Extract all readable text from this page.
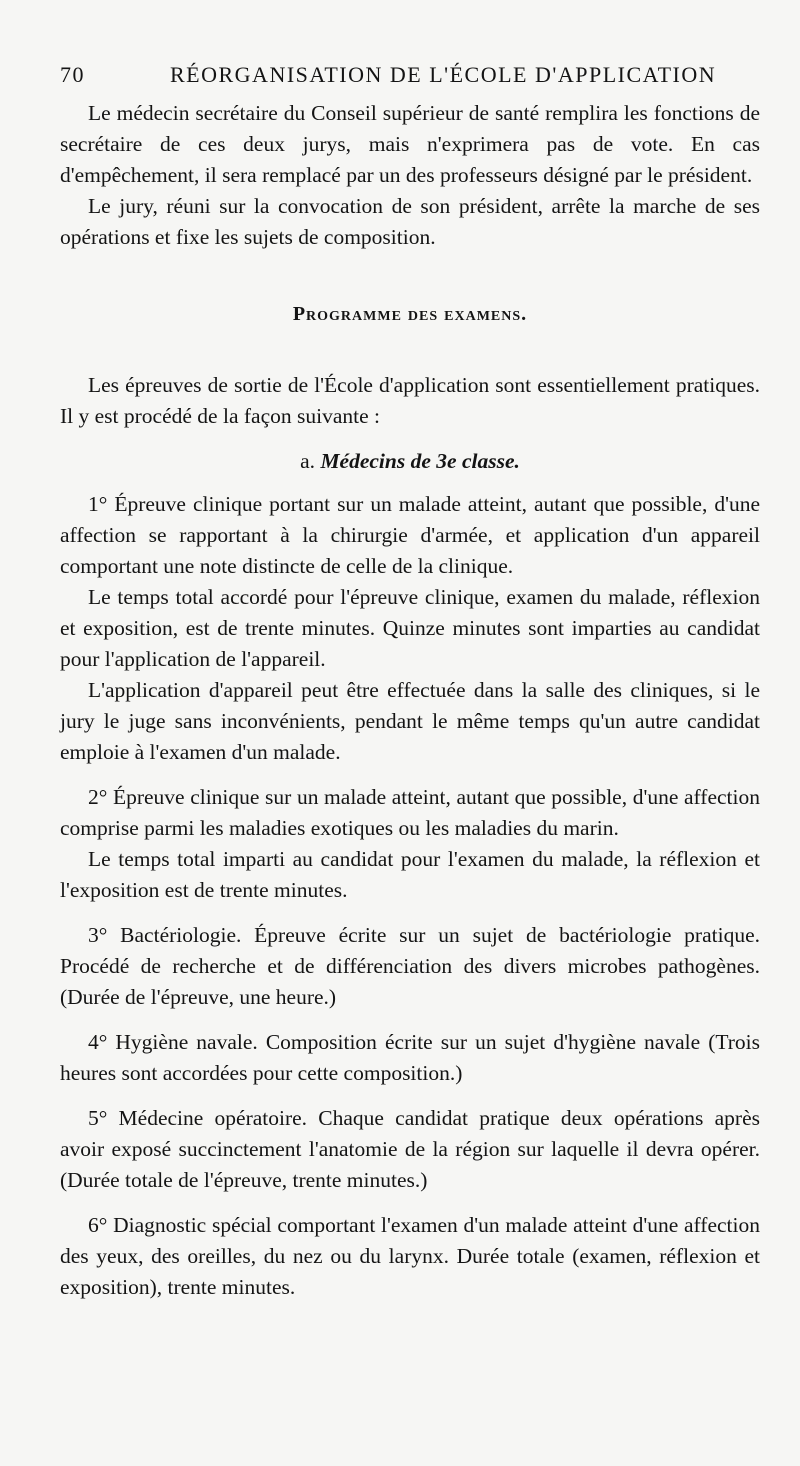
70	RÉORGANISATION DE L'ÉCOLE D'APPLICATION

Le médecin secrétaire du Conseil supérieur de santé remplira les fonctions de secrétaire de ces deux jurys, mais n'exprimera pas de vote. En cas d'empêchement, il sera remplacé par un des professeurs désigné par le président.

Le jury, réuni sur la convocation de son président, arrête la marche de ses opérations et fixe les sujets de composition.

Programme des examens.

Les épreuves de sortie de l'École d'application sont essentiellement pratiques. Il y est procédé de la façon suivante :

a. Médecins de 3e classe.

1° Épreuve clinique portant sur un malade atteint, autant que possible, d'une affection se rapportant à la chirurgie d'armée, et application d'un appareil comportant une note distincte de celle de la clinique.

Le temps total accordé pour l'épreuve clinique, examen du malade, réflexion et exposition, est de trente minutes. Quinze minutes sont imparties au candidat pour l'application de l'appareil.

L'application d'appareil peut être effectuée dans la salle des cliniques, si le jury le juge sans inconvénients, pendant le même temps qu'un autre candidat emploie à l'examen d'un malade.

2° Épreuve clinique sur un malade atteint, autant que possible, d'une affection comprise parmi les maladies exotiques ou les maladies du marin.

Le temps total imparti au candidat pour l'examen du malade, la réflexion et l'exposition est de trente minutes.

3° Bactériologie. Épreuve écrite sur un sujet de bactériologie pratique. Procédé de recherche et de différenciation des divers microbes pathogènes. (Durée de l'épreuve, une heure.)

4° Hygiène navale. Composition écrite sur un sujet d'hygiène navale (Trois heures sont accordées pour cette composition.)

5° Médecine opératoire. Chaque candidat pratique deux opérations après avoir exposé succinctement l'anatomie de la région sur laquelle il devra opérer. (Durée totale de l'épreuve, trente minutes.)

6° Diagnostic spécial comportant l'examen d'un malade atteint d'une affection des yeux, des oreilles, du nez ou du larynx. Durée totale (examen, réflexion et exposition), trente minutes.
